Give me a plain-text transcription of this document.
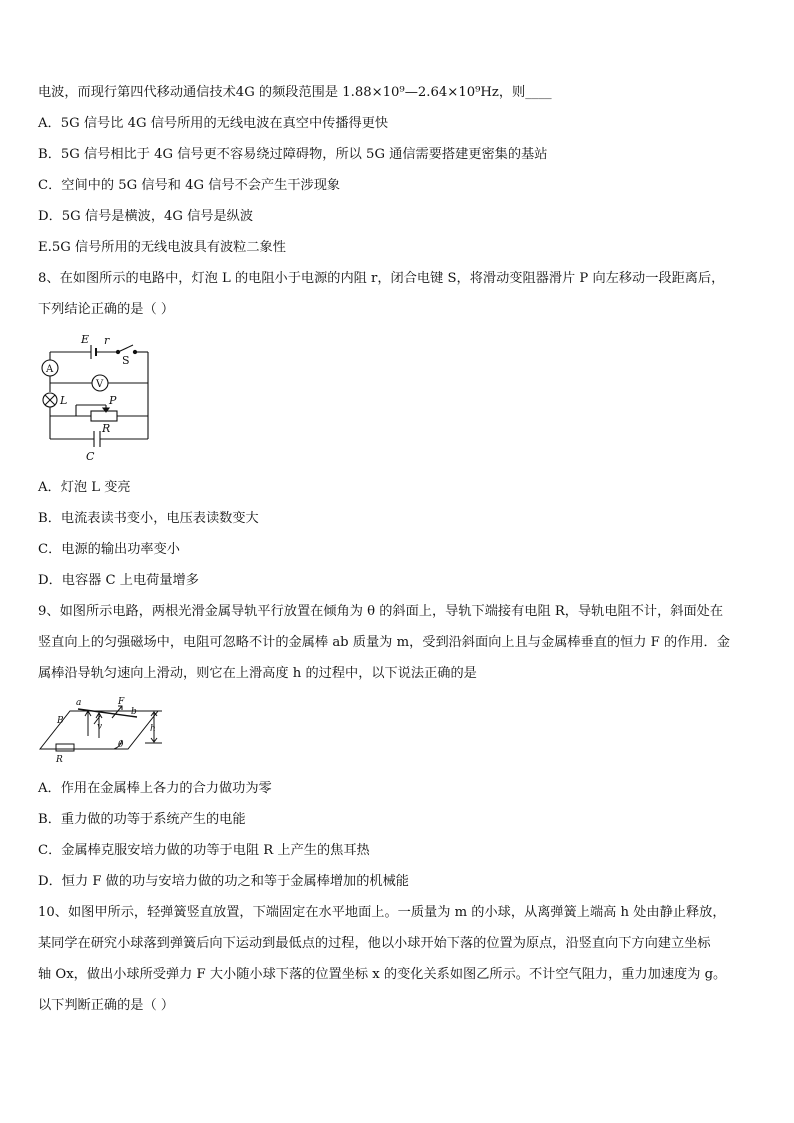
电波，而现行第四代移动通信技术4G 的频段范围是 1.88×10⁹—2.64×10⁹Hz，则____
A．5G 信号比 4G 信号所用的无线电波在真空中传播得更快
B．5G 信号相比于 4G 信号更不容易绕过障碍物，所以 5G 通信需要搭建更密集的基站
C．空间中的 5G 信号和 4G 信号不会产生干涉现象
D．5G 信号是横波，4G 信号是纵波
E.5G 信号所用的无线电波具有波粒二象性
8、在如图所示的电路中，灯泡 L 的电阻小于电源的内阻 r，闭合电键 S，将滑动变阻器滑片 P 向左移动一段距离后，
下列结论正确的是（ ）
E r
S
A
V
L	P
R
C
A．灯泡 L 变亮
B．电流表读书变小，电压表读数变大
C．电源的输出功率变小
D．电容器 C 上电荷量增多
9、如图所示电路，两根光滑金属导轨平行放置在倾角为 θ 的斜面上，导轨下端接有电阻 R，导轨电阻不计，斜面处在
竖直向上的匀强磁场中，电阻可忽略不计的金属棒 ab 质量为 m，受到沿斜面向上且与金属棒垂直的恒力 F 的作用．金
属棒沿导轨匀速向上滑动，则它在上滑高度 h 的过程中，以下说法正确的是
a	F
b
B
v	h
θ
R
A．作用在金属棒上各力的合力做功为零
B．重力做的功等于系统产生的电能
C．金属棒克服安培力做的功等于电阻 R 上产生的焦耳热
D．恒力 F 做的功与安培力做的功之和等于金属棒增加的机械能
10、如图甲所示，轻弹簧竖直放置，下端固定在水平地面上。一质量为 m 的小球，从离弹簧上端高 h 处由静止释放，
某同学在研究小球落到弹簧后向下运动到最低点的过程，他以小球开始下落的位置为原点，沿竖直向下方向建立坐标
轴 Ox，做出小球所受弹力 F 大小随小球下落的位置坐标 x 的变化关系如图乙所示。不计空气阻力，重力加速度为 g。
以下判断正确的是（ ）
